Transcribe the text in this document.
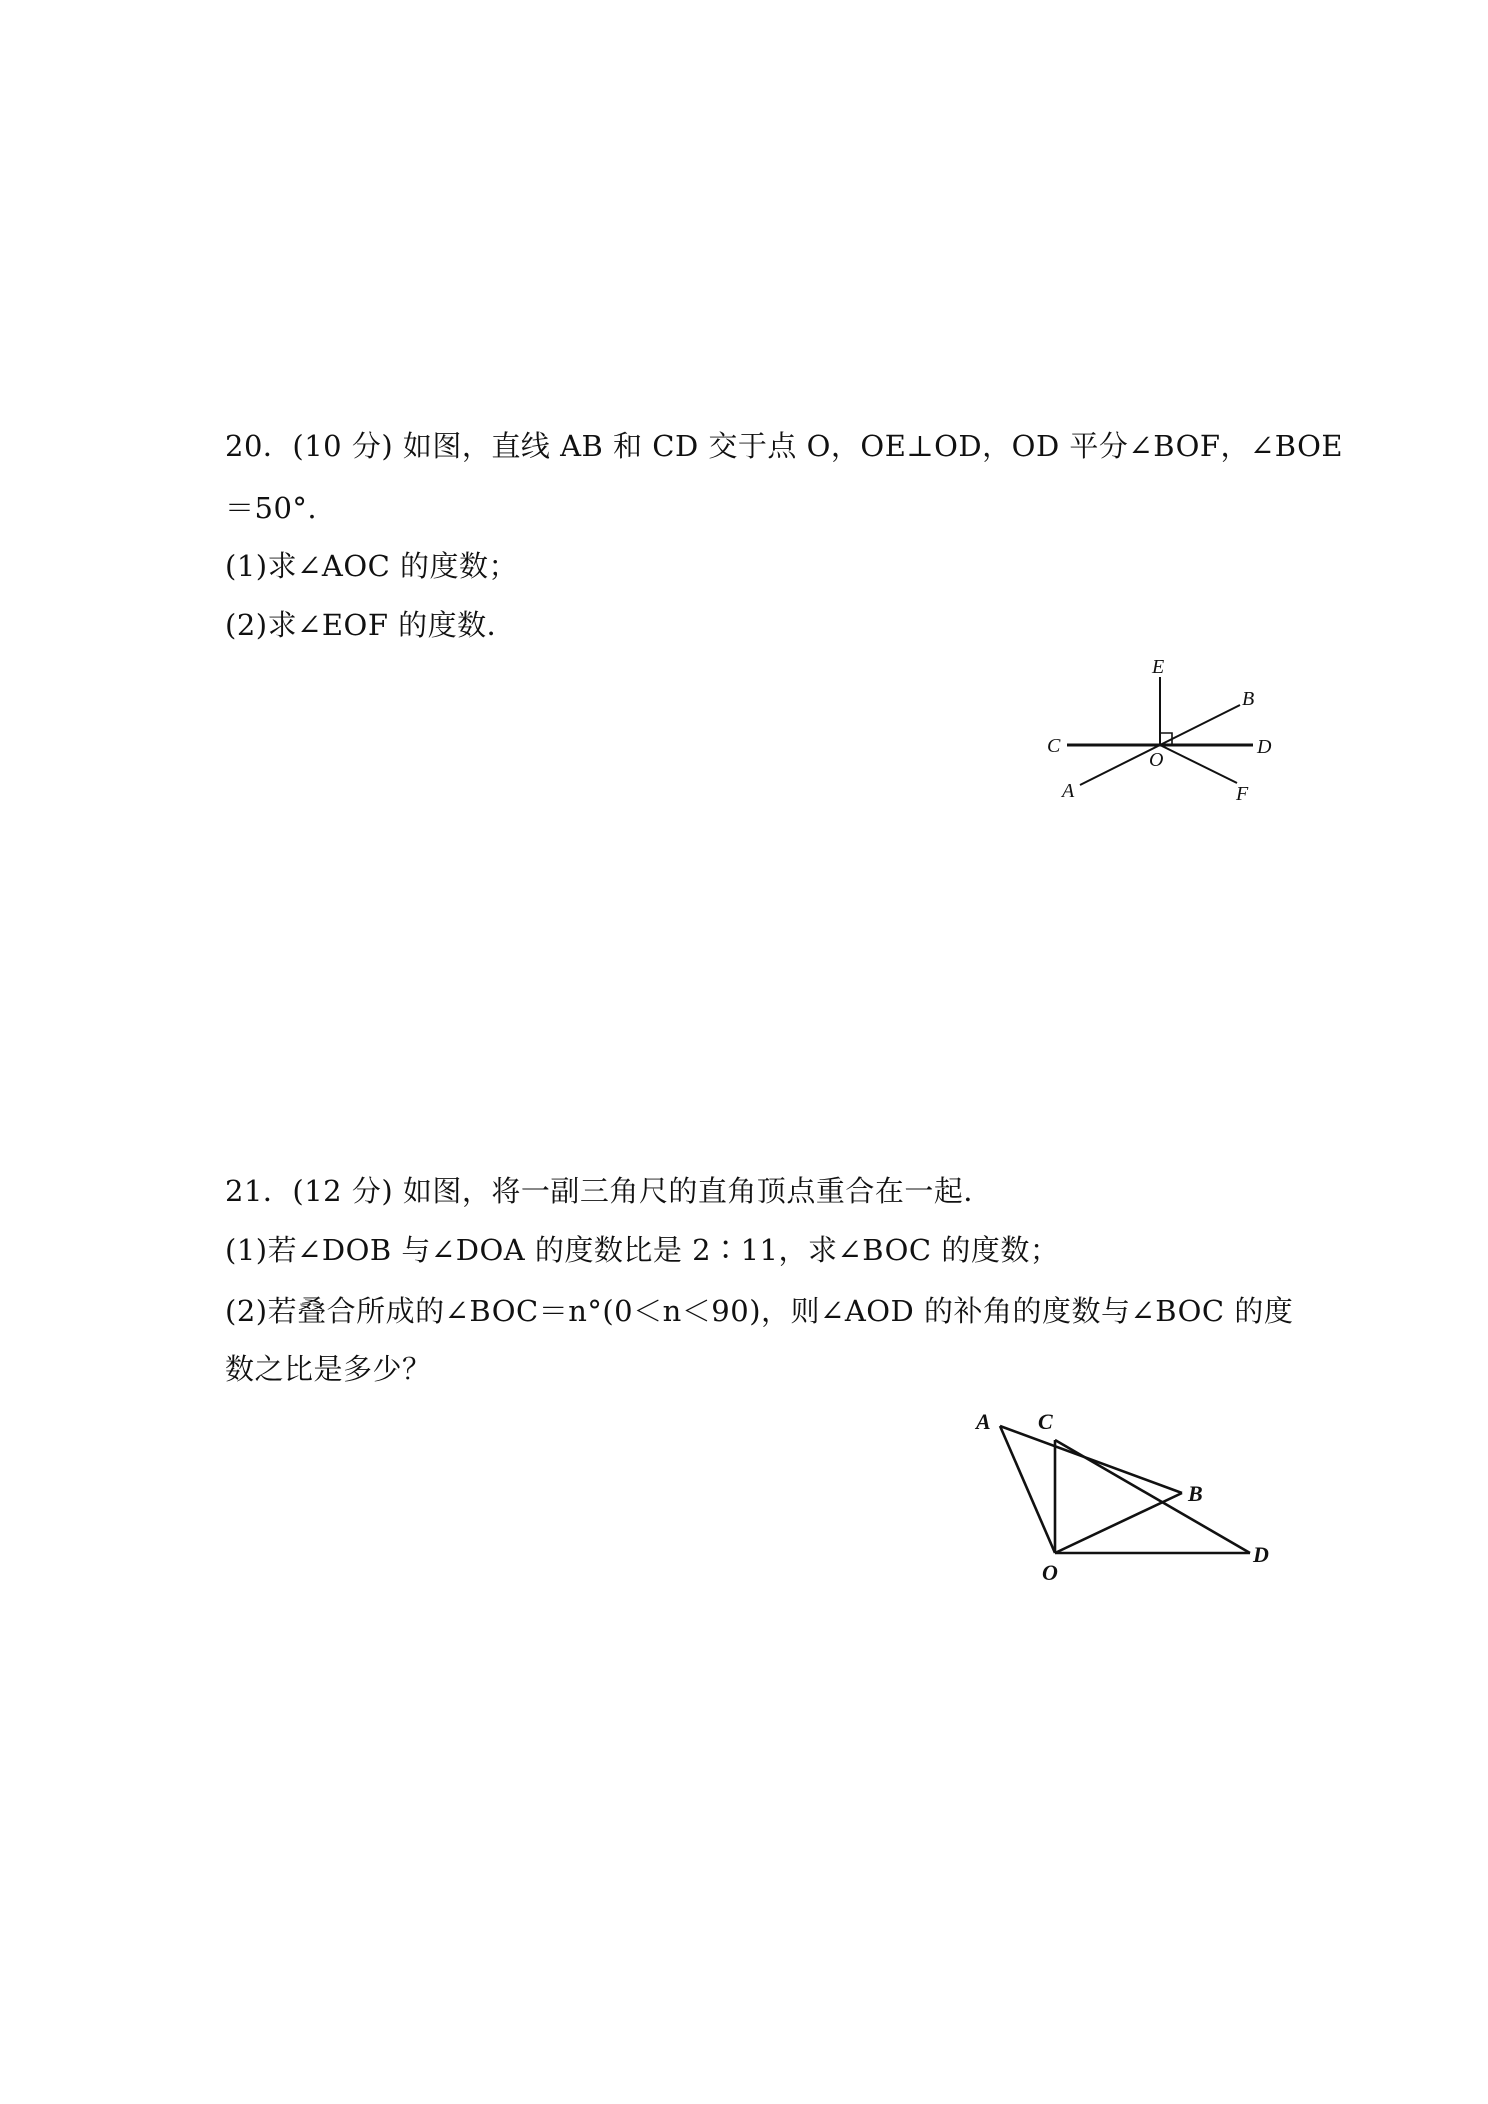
20．(10 分) 如图，直线 AB 和 CD 交于点 O，OE⊥OD，OD 平分∠BOF，∠BOE
＝50°.
(1)求∠AOC 的度数；
(2)求∠EOF 的度数．
E
B
C	D
O
A	F
21．(12 分) 如图，将一副三角尺的直角顶点重合在一起．
(1)若∠DOB 与∠DOA 的度数比是 2∶11，求∠BOC 的度数；
(2)若叠合所成的∠BOC＝n°(0＜n＜90)，则∠AOD 的补角的度数与∠BOC 的度
数之比是多少？
A C
B
O
D
